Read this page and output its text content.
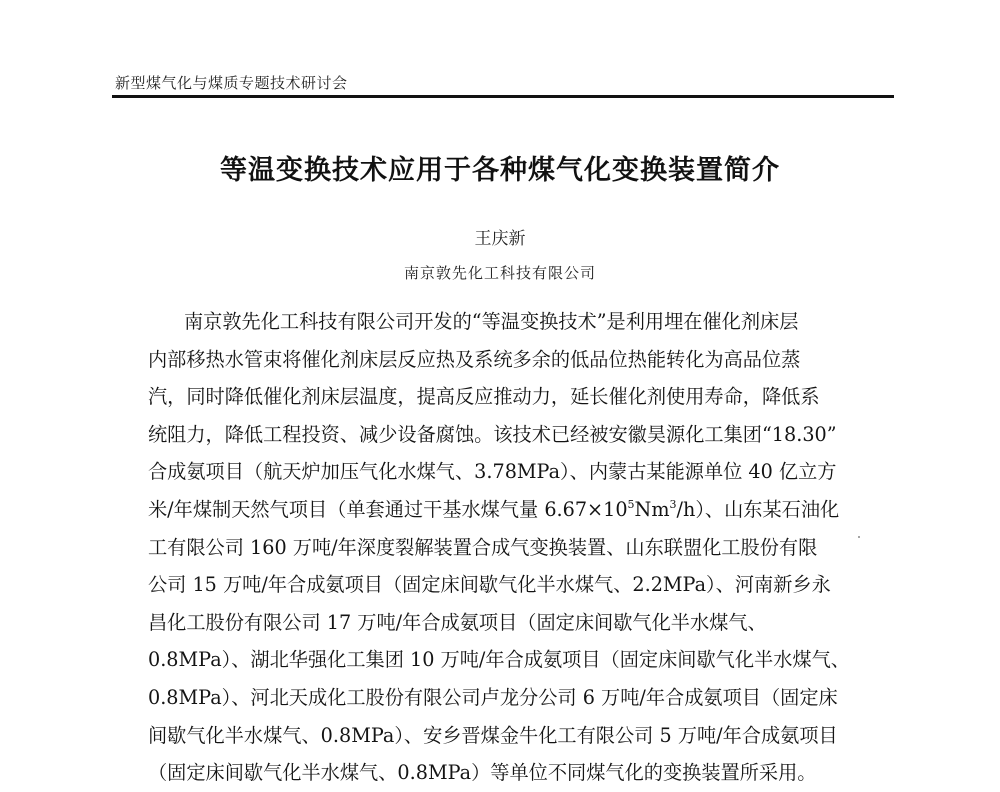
新型煤气化与煤质专题技术研讨会
等温变换技术应用于各种煤气化变换装置简介
王庆新
南京敦先化工科技有限公司
南京敦先化工科技有限公司开发的“等温变换技术”是利用埋在催化剂床层
内部移热水管束将催化剂床层反应热及系统多余的低品位热能转化为高品位蒸
汽，同时降低催化剂床层温度，提高反应推动力，延长催化剂使用寿命，降低系
统阻力，降低工程投资、减少设备腐蚀。该技术已经被安徽昊源化工集团“18.30”
合成氨项目（航天炉加压气化水煤气、3.78MPa）、内蒙古某能源单位 40 亿立方
米/年煤制天然气项目（单套通过干基水煤气量 $6.67\times 10^5Nm^3/h$）、山东某石油化
工有限公司 160 万吨/年深度裂解装置合成气变换装置、山东联盟化工股份有限
公司 15 万吨/年合成氨项目（固定床间歇气化半水煤气、2.2MPa）、河南新乡永
昌化工股份有限公司 17 万吨/年合成氨项目（固定床间歇气化半水煤气、
0.8MPa）、湖北华强化工集团 10 万吨/年合成氨项目（固定床间歇气化半水煤气、
0.8MPa）、河北天成化工股份有限公司卢龙分公司 6 万吨/年合成氨项目（固定床
间歇气化半水煤气、0.8MPa）、安乡晋煤金牛化工有限公司 5 万吨/年合成氨项目
（固定床间歇气化半水煤气、0.8MPa）等单位不同煤气化的变换装置所采用。
